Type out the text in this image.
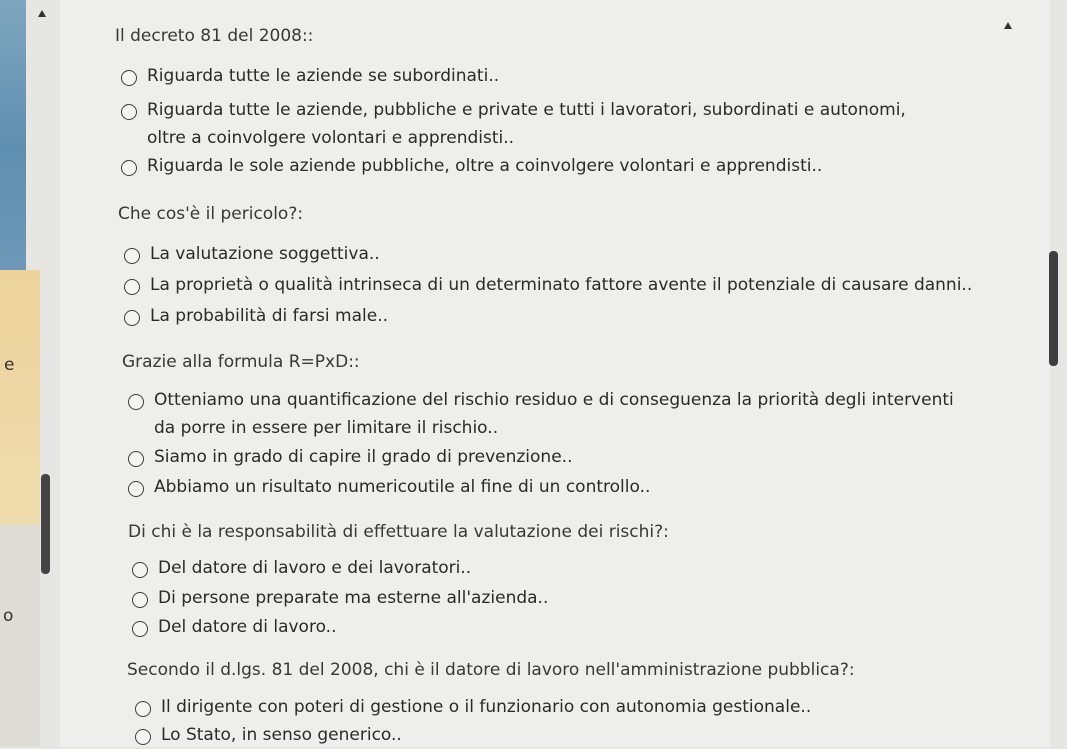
e
o
Il decreto 81 del 2008::
Riguarda tutte le aziende se subordinati..
Riguarda tutte le aziende, pubbliche e private e tutti i lavoratori, subordinati e autonomi, oltre a coinvolgere volontari e apprendisti..
Riguarda le sole aziende pubbliche, oltre a coinvolgere volontari e apprendisti..
Che cos'è il pericolo?:
La valutazione soggettiva..
La proprietà o qualità intrinseca di un determinato fattore avente il potenziale di causare danni..
La probabilità di farsi male..
Grazie alla formula R=PxD::
Otteniamo una quantificazione del rischio residuo e di conseguenza la priorità degli interventi da porre in essere per limitare il rischio..
Siamo in grado di capire il grado di prevenzione..
Abbiamo un risultato numericoutile al fine di un controllo..
Di chi è la responsabilità di effettuare la valutazione dei rischi?:
Del datore di lavoro e dei lavoratori..
Di persone preparate ma esterne all'azienda..
Del datore di lavoro..
Secondo il d.lgs. 81 del 2008, chi è il datore di lavoro nell'amministrazione pubblica?:
Il dirigente con poteri di gestione o il funzionario con autonomia gestionale..
Lo Stato, in senso generico..
